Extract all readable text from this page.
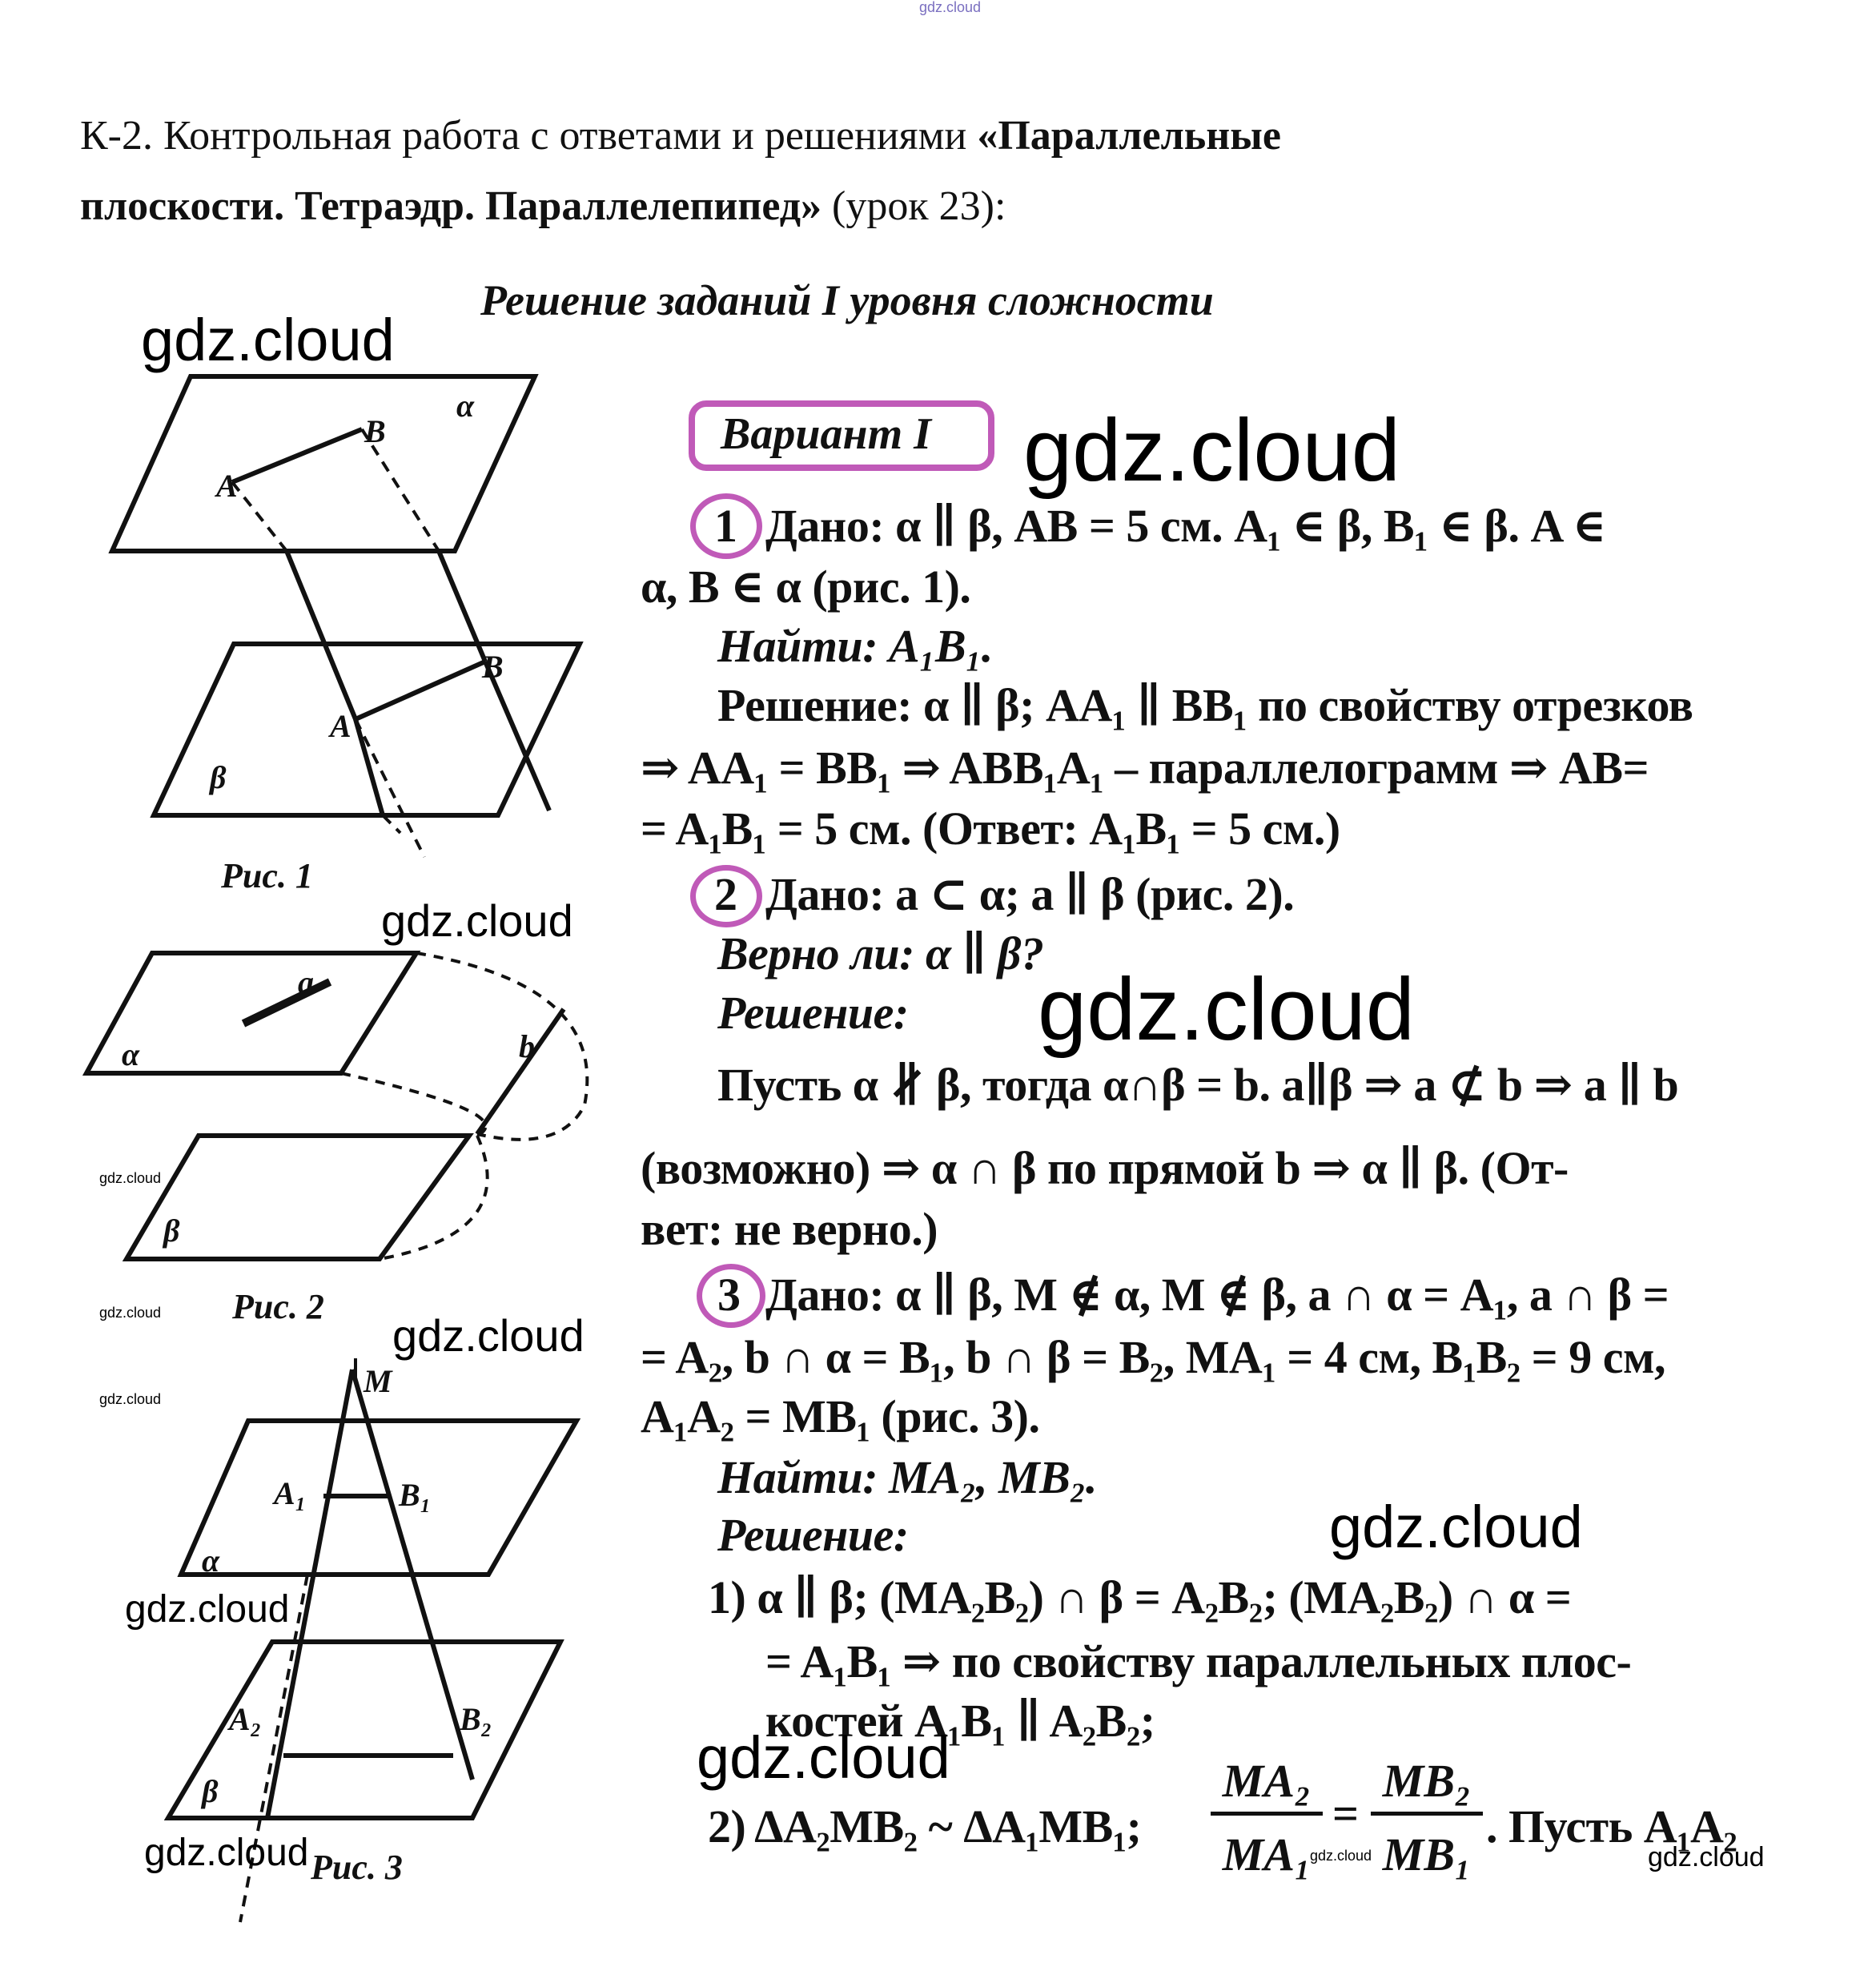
gdz.cloud
К-2. Контрольная работа с ответами и решениями «Параллельные
плоскости. Тетраэдр. Параллелепипед» (урок 23):
Решение заданий I уровня сложности
Вариант I
α
A
B
A
B
β
α
a
b
β
M
A₁	B₁
α
A₂	B₂
β
Рис. 1
Рис. 2
Рис. 3
1 Дано: α ∥ β, AB = 5 см. A₁ ∈ β, B₁ ∈ β. A ∈
α, B ∈ α (рис. 1).
Найти: A₁B₁.
Решение: α ∥ β; AA₁ ∥ BB₁ по свойству отрезков
⇒ AA₁ = BB₁ ⇒ ABB₁A₁ – параллелограмм ⇒ AB=
= A₁B₁ = 5 см. (Ответ: A₁B₁ = 5 см.)
2 Дано: a ⊂ α; a ∥ β (рис. 2).
Верно ли: α ∥ β?
Решение:
Пусть α ∦ β, тогда α∩β = b. a∥β ⇒ a ⊄ b ⇒ a ∥ b
(возможно) ⇒ α ∩ β по прямой b ⇒ α ∥ β. (От-
вет: не верно.)
3 Дано: α ∥ β, M ∉ α, M ∉ β, a ∩ α = A₁, a ∩ β =
= A₂, b ∩ α = B₁, b ∩ β = B₂, MA₁ = 4 см, B₁B₂ = 9 см,
A₁A₂ = MB₁ (рис. 3).
Найти: MA₂, MB₂.
Решение:
1) α ∥ β; (MA₂B₂) ∩ β = A₂B₂; (MA₂B₂) ∩ α =
= A₁B₁ ⇒ по свойству параллельных плос-
костей A₁B₁ ∥ A₂B₂;
2) ΔA₂MB₂ ~ ΔA₁MB₁;
MA₂
MA₁
=
MB₂
MB₁
. Пусть A₁A₂
gdz.cloud
gdz.cloud
gdz.cloud
gdz.cloud
gdz.cloud
gdz.cloud	gdz.cloud
gdz.cloud
gdz.cloud
gdz.cloud
gdz.cloud
gdz.cloud	gdz.cloud	gdz.cloud
